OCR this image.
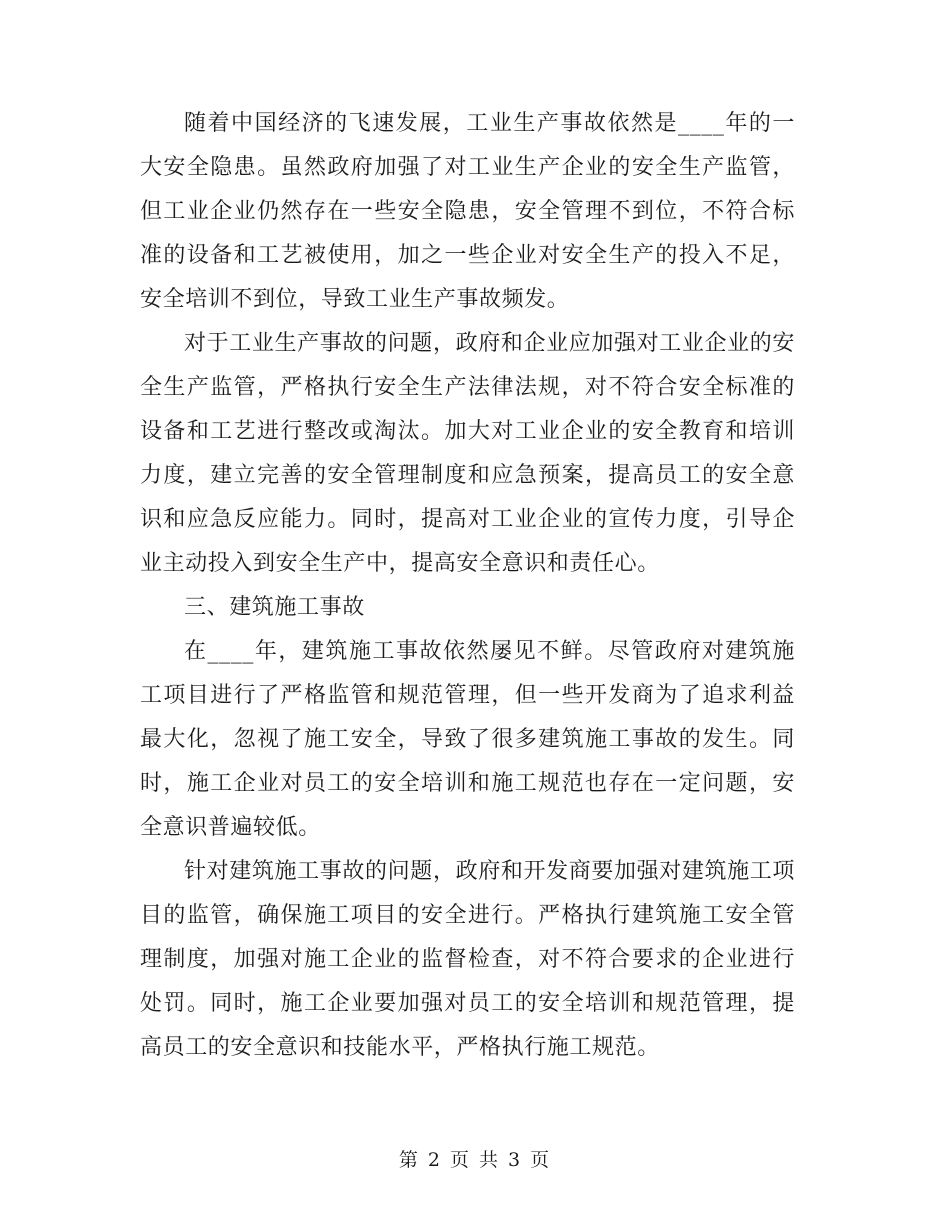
随着中国经济的飞速发展，工业生产事故依然是____年的一大安全隐患。虽然政府加强了对工业生产企业的安全生产监管，但工业企业仍然存在一些安全隐患，安全管理不到位，不符合标准的设备和工艺被使用，加之一些企业对安全生产的投入不足，安全培训不到位，导致工业生产事故频发。

对于工业生产事故的问题，政府和企业应加强对工业企业的安全生产监管，严格执行安全生产法律法规，对不符合安全标准的设备和工艺进行整改或淘汰。加大对工业企业的安全教育和培训力度，建立完善的安全管理制度和应急预案，提高员工的安全意识和应急反应能力。同时，提高对工业企业的宣传力度，引导企业主动投入到安全生产中，提高安全意识和责任心。

三、建筑施工事故

在____年，建筑施工事故依然屡见不鲜。尽管政府对建筑施工项目进行了严格监管和规范管理，但一些开发商为了追求利益最大化，忽视了施工安全，导致了很多建筑施工事故的发生。同时，施工企业对员工的安全培训和施工规范也存在一定问题，安全意识普遍较低。

针对建筑施工事故的问题，政府和开发商要加强对建筑施工项目的监管，确保施工项目的安全进行。严格执行建筑施工安全管理制度，加强对施工企业的监督检查，对不符合要求的企业进行处罚。同时，施工企业要加强对员工的安全培训和规范管理，提高员工的安全意识和技能水平，严格执行施工规范。

第 2 页 共 3 页
